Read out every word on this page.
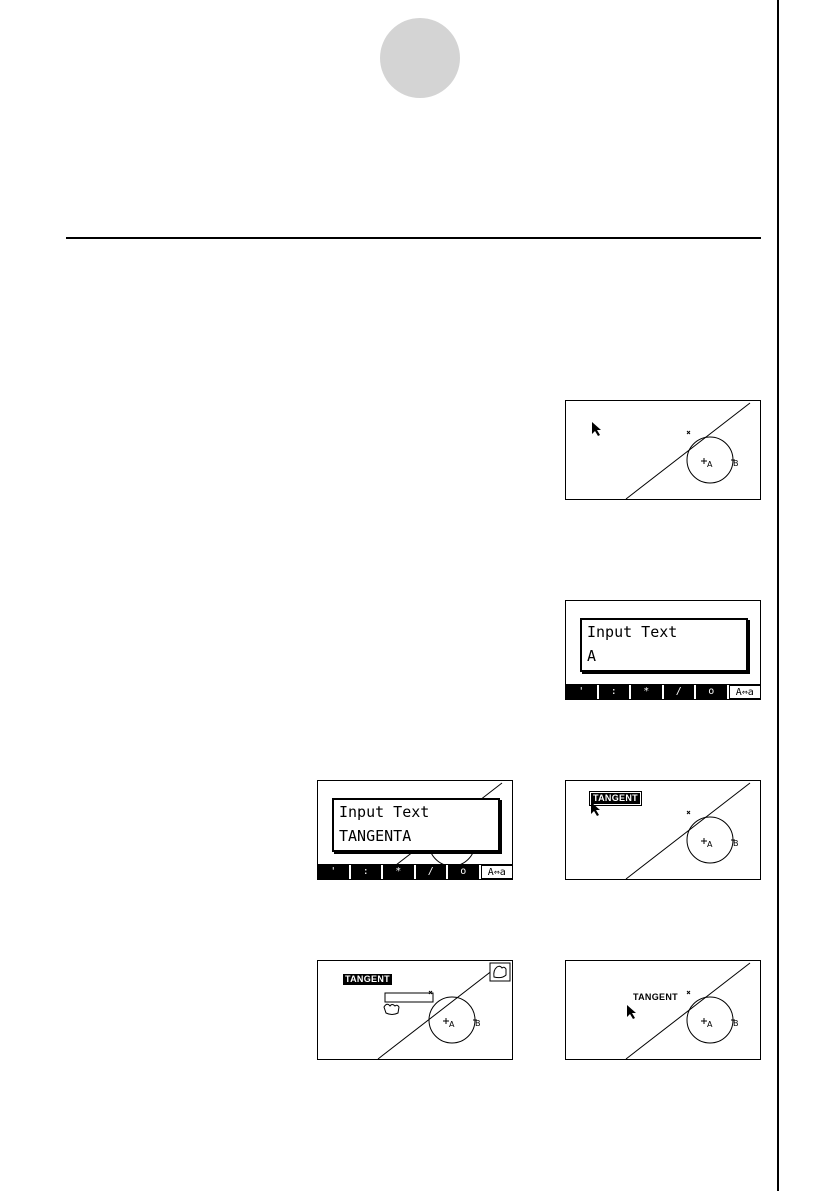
A	B
Input Text
A
'	:	*	/	o	A⇔a
Input Text
TANGENTA
'	:	*	/	o	A⇔a
TANGENT
A	B
TANGENT
A	B
TANGENT
A	B
